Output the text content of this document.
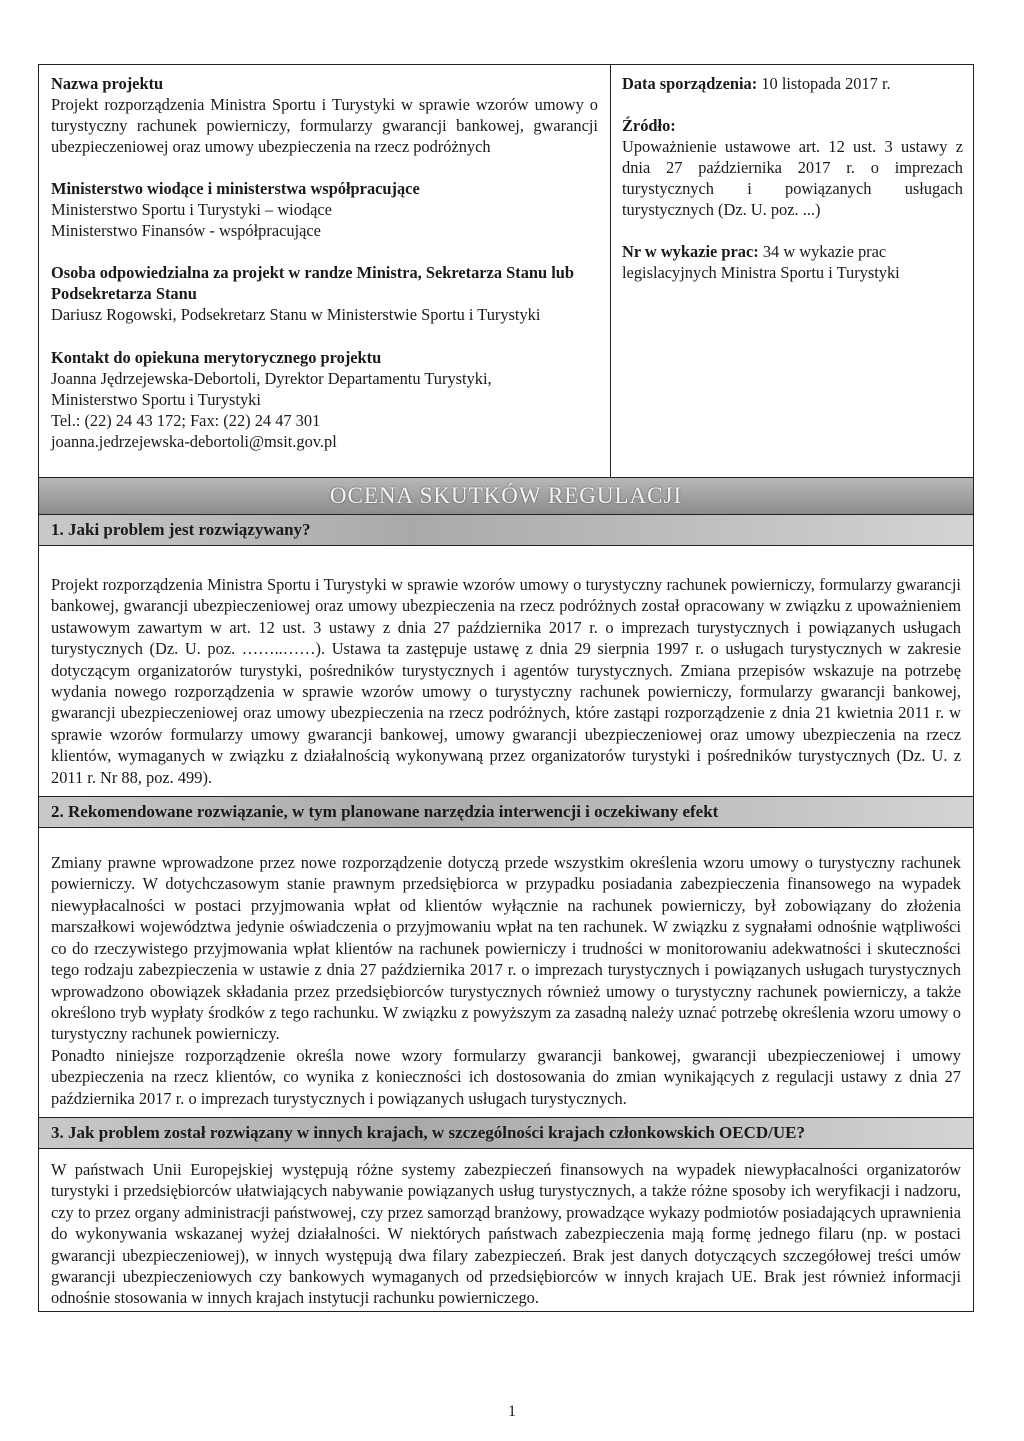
Nazwa projektu

Projekt rozporządzenia Ministra Sportu i Turystyki w sprawie wzorów umowy o turystyczny rachunek powierniczy, formularzy gwarancji bankowej, gwarancji ubezpieczeniowej oraz umowy ubezpieczenia na rzecz podróżnych

Ministerstwo wiodące i ministerstwa współpracujące

Ministerstwo Sportu i Turystyki – wiodące

Ministerstwo Finansów - współpracujące

Osoba odpowiedzialna za projekt w randze Ministra, Sekretarza Stanu lub Podsekretarza Stanu

Dariusz Rogowski, Podsekretarz Stanu w Ministerstwie Sportu i Turystyki

Kontakt do opiekuna merytorycznego projektu

Joanna Jędrzejewska-Debortoli, Dyrektor Departamentu Turystyki,

Ministerstwo Sportu i Turystyki

Tel.: (22) 24 43 172; Fax: (22) 24 47 301

joanna.jedrzejewska-debortoli@msit.gov.pl

Data sporządzenia: 10 listopada 2017 r.

Źródło:

Upoważnienie ustawowe art. 12 ust. 3 ustawy z dnia 27 października 2017 r. o imprezach turystycznych i powiązanych usługach turystycznych (Dz. U. poz. ...)

Nr w wykazie prac: 34 w wykazie prac legislacyjnych Ministra Sportu i Turystyki

OCENA SKUTKÓW REGULACJI
1. Jaki problem jest rozwiązywany?

Projekt rozporządzenia Ministra Sportu i Turystyki w sprawie wzorów umowy o turystyczny rachunek powierniczy, formularzy gwarancji bankowej, gwarancji ubezpieczeniowej oraz umowy ubezpieczenia na rzecz podróżnych został opracowany w związku z upoważnieniem ustawowym zawartym w art. 12 ust. 3 ustawy z dnia 27 października 2017 r. o imprezach turystycznych i powiązanych usługach turystycznych (Dz. U. poz. ……..……). Ustawa ta zastępuje ustawę z dnia 29 sierpnia 1997 r. o usługach turystycznych w zakresie dotyczącym organizatorów turystyki, pośredników turystycznych i agentów turystycznych. Zmiana przepisów wskazuje na potrzebę wydania nowego rozporządzenia w sprawie wzorów umowy o turystyczny rachunek powierniczy, formularzy gwarancji bankowej, gwarancji ubezpieczeniowej oraz umowy ubezpieczenia na rzecz podróżnych, które zastąpi rozporządzenie z dnia 21 kwietnia 2011 r. w sprawie wzorów formularzy umowy gwarancji bankowej, umowy gwarancji ubezpieczeniowej oraz umowy ubezpieczenia na rzecz klientów, wymaganych w związku z działalnością wykonywaną przez organizatorów turystyki i pośredników turystycznych (Dz. U. z 2011 r. Nr 88, poz. 499).

2. Rekomendowane rozwiązanie, w tym planowane narzędzia interwencji i oczekiwany efekt

Zmiany prawne wprowadzone przez nowe rozporządzenie dotyczą przede wszystkim określenia wzoru umowy o turystyczny rachunek powierniczy. W dotychczasowym stanie prawnym przedsiębiorca w przypadku posiadania zabezpieczenia finansowego na wypadek niewypłacalności w postaci przyjmowania wpłat od klientów wyłącznie na rachunek powierniczy, był zobowiązany do złożenia marszałkowi województwa jedynie oświadczenia o przyjmowaniu wpłat na ten rachunek. W związku z sygnałami odnośnie wątpliwości co do rzeczywistego przyjmowania wpłat klientów na rachunek powierniczy i trudności w monitorowaniu adekwatności i skuteczności tego rodzaju zabezpieczenia w ustawie z dnia 27 października 2017 r. o imprezach turystycznych i powiązanych usługach turystycznych wprowadzono obowiązek składania przez przedsiębiorców turystycznych również umowy o turystyczny rachunek powierniczy, a także określono tryb wypłaty środków z tego rachunku. W związku z powyższym za zasadną należy uznać potrzebę określenia wzoru umowy o turystyczny rachunek powierniczy.

Ponadto niniejsze rozporządzenie określa nowe wzory formularzy gwarancji bankowej, gwarancji ubezpieczeniowej i umowy ubezpieczenia na rzecz klientów, co wynika z konieczności ich dostosowania do zmian wynikających z regulacji ustawy z dnia 27 października 2017 r. o imprezach turystycznych i powiązanych usługach turystycznych.

3. Jak problem został rozwiązany w innych krajach, w szczególności krajach członkowskich OECD/UE?

W państwach Unii Europejskiej występują różne systemy zabezpieczeń finansowych na wypadek niewypłacalności organizatorów turystyki i przedsiębiorców ułatwiających nabywanie powiązanych usług turystycznych, a także różne sposoby ich weryfikacji i nadzoru, czy to przez organy administracji państwowej, czy przez samorząd branżowy, prowadzące wykazy podmiotów posiadających uprawnienia do wykonywania wskazanej wyżej działalności. W niektórych państwach zabezpieczenia mają formę jednego filaru (np. w postaci gwarancji ubezpieczeniowej), w innych występują dwa filary zabezpieczeń. Brak jest danych dotyczących szczegółowej treści umów gwarancji ubezpieczeniowych czy bankowych wymaganych od przedsiębiorców w innych krajach UE. Brak jest również informacji odnośnie stosowania w innych krajach instytucji rachunku powierniczego.

1
